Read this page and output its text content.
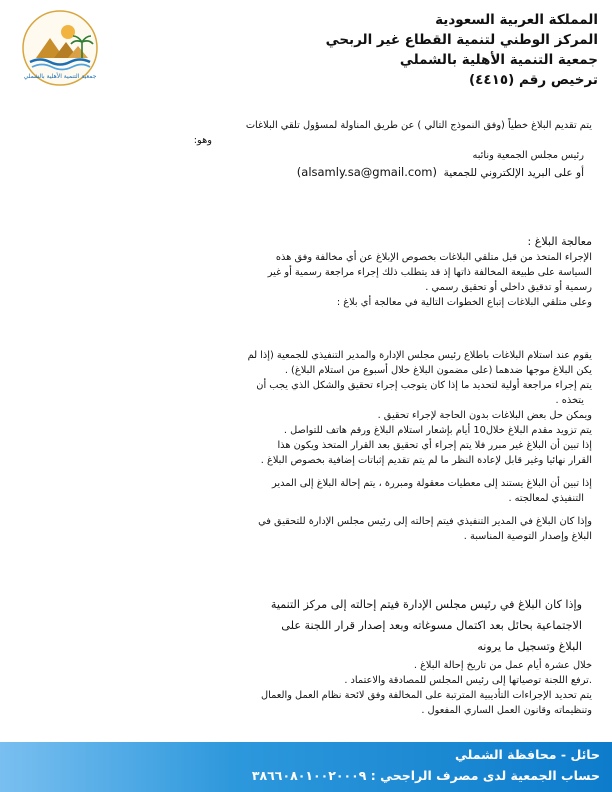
جمعية التنمية الأهلية بالشملي
المملكة العربية السعودية
المركز الوطني لتنمية القطاع غير الربحي
جمعية التنمية الأهلية بالشملي
ترخيص رقم (٤٤١٥)
يتم تقديم البلاغ خطياً (وفق النموذج التالي ) عن طريق المناولة لمسؤول تلقي البلاغات
وهو:
رئيس مجلس الجمعية ونائبه
أو على البريد الإلكتروني للجمعية  (alsamly.sa@gmail.com)
معالجة البلاغ :
الإجراء المتخذ من قبل متلقي البلاغات بخصوص الإبلاغ عن أي مخالفة وفق هذه
السياسة على طبيعة المخالفة ذاتها إذ قد يتطلب ذلك إجراء مراجعة رسمية أو غير
رسمية أو تدقيق داخلي أو تحقيق رسمي .
وعلى متلقي البلاغات إتباع الخطوات التالية في معالجة أي بلاغ :
يقوم عند استلام البلاغات باطلاع رئيس مجلس الإدارة والمدير التنفيذي للجمعية (إذا لم
يكن البلاغ موجها ضدهما (على مضمون البلاغ خلال أسبوع من استلام البلاغ) .
يتم إجراء مراجعة أولية لتحديد ما إذا كان يتوجب إجراء تحقيق والشكل الذي يجب أن
يتخذه .
ويمكن حل بعض البلاغات بدون الحاجة لإجراء تحقيق .
يتم تزويد مقدم البلاغ خلال10 أيام بإشعار استلام البلاغ ورقم هاتف للتواصل .
إذا تبين أن البلاغ غير مبرر فلا يتم إجراء أي تحقيق بعد القرار المتخذ ويكون هذا
القرار نهائيا وغير قابل لإعادة النظر ما لم يتم تقديم إثباتات إضافية بخصوص البلاغ .
إذا تبين أن البلاغ يستند إلى معطيات معقولة ومبررة ، يتم إحالة البلاغ إلى المدير
التنفيذي لمعالجته .
وإذا كان البلاغ في المدير التنفيذي فيتم إحالته إلى رئيس مجلس الإدارة للتحقيق في
البلاغ وإصدار التوصية المناسبة .
وإذا كان البلاغ في رئيس مجلس الإدارة فيتم إحالته إلى مركز التنمية
الاجتماعية بحائل بعد اكتمال مسوغاته وبعد إصدار قرار اللجنة على
البلاغ وتسجيل ما يرونه
خلال عشرة أيام عمل من تاريخ إحالة البلاغ .
.ترفع اللجنة توصياتها إلى رئيس المجلس للمصادقة والاعتماد .
يتم تحديد الإجراءات التأديبية المترتبة على المخالفة وفق لائحة نظام العمل والعمال
وتنظيماته وقانون العمل الساري المفعول .
حائل - محافظة الشملي
حساب الجمعية لدى مصرف الراجحي : ٣٨٦٦٠٨٠١٠٠٢٠٠٠٩
